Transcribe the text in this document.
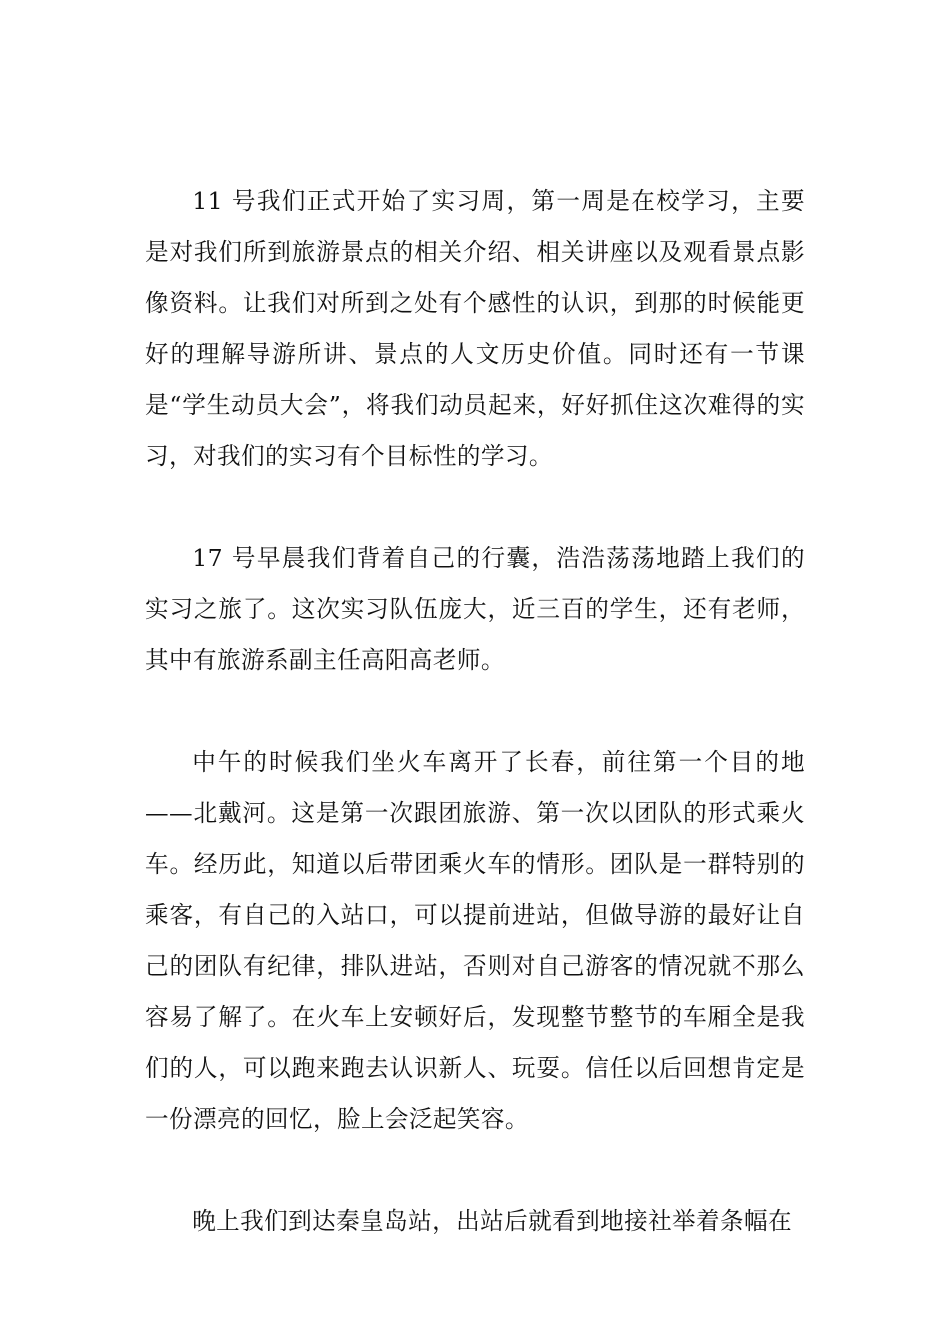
11 号我们正式开始了实习周，第一周是在校学习，主要是对我们所到旅游景点的相关介绍、相关讲座以及观看景点影像资料。让我们对所到之处有个感性的认识，到那的时候能更好的理解导游所讲、景点的人文历史价值。同时还有一节课是“学生动员大会”，将我们动员起来，好好抓住这次难得的实习，对我们的实习有个目标性的学习。

17 号早晨我们背着自己的行囊，浩浩荡荡地踏上我们的实习之旅了。这次实习队伍庞大，近三百的学生，还有老师，其中有旅游系副主任高阳高老师。

中午的时候我们坐火车离开了长春，前往第一个目的地——北戴河。这是第一次跟团旅游、第一次以团队的形式乘火车。经历此，知道以后带团乘火车的情形。团队是一群特别的乘客，有自己的入站口，可以提前进站，但做导游的最好让自己的团队有纪律，排队进站，否则对自己游客的情况就不那么容易了解了。在火车上安顿好后，发现整节整节的车厢全是我们的人，可以跑来跑去认识新人、玩耍。信任以后回想肯定是一份漂亮的回忆，脸上会泛起笑容。

晚上我们到达秦皇岛站，出站后就看到地接社举着条幅在
